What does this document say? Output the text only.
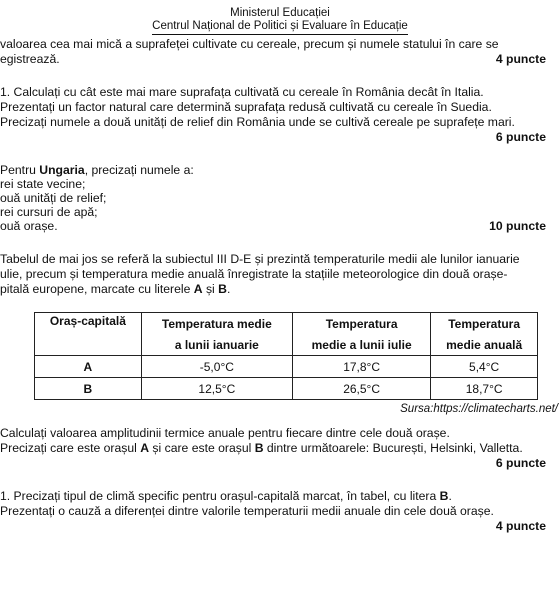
Ministerul Educației
Centrul Național de Politici și Evaluare în Educație
valoarea cea mai mică a suprafeței cultivate cu cereale, precum și numele statului în care se
egistrează.	4 puncte
1. Calculați cu cât este mai mare suprafața cultivată cu cereale în România decât în Italia.
Prezentați un factor natural care determină suprafața redusă cultivată cu cereale în Suedia.
Precizați numele a două unități de relief din România unde se cultivă cereale pe suprafețe mari.
6 puncte
Pentru Ungaria, precizați numele a:
rei state vecine;
ouă unități de relief;
rei cursuri de apă;
ouă orașe.	10 puncte
Tabelul de mai jos se referă la subiectul III D-E și prezintă temperaturile medii ale lunilor ianuarie
ulie, precum și temperatura medie anuală înregistrate la stațiile meteorologice din două orașe-
pitală europene, marcate cu literele A și B.
Oraș-capitală	Temperatura medie	Temperatura	Temperatura
	a lunii ianuarie	medie a lunii iulie	medie anuală
A	-5,0°C	17,8°C	5,4°C
B	12,5°C	26,5°C	18,7°C
Sursa:https://climatecharts.net/
Calculați valoarea amplitudinii termice anuale pentru fiecare dintre cele două orașe.
Precizați care este orașul A și care este orașul B dintre următoarele: București, Helsinki, Valletta.
6 puncte
1. Precizați tipul de climă specific pentru orașul-capitală marcat, în tabel, cu litera B.
Prezentați o cauză a diferenței dintre valorile temperaturii medii anuale din cele două orașe.
4 puncte
